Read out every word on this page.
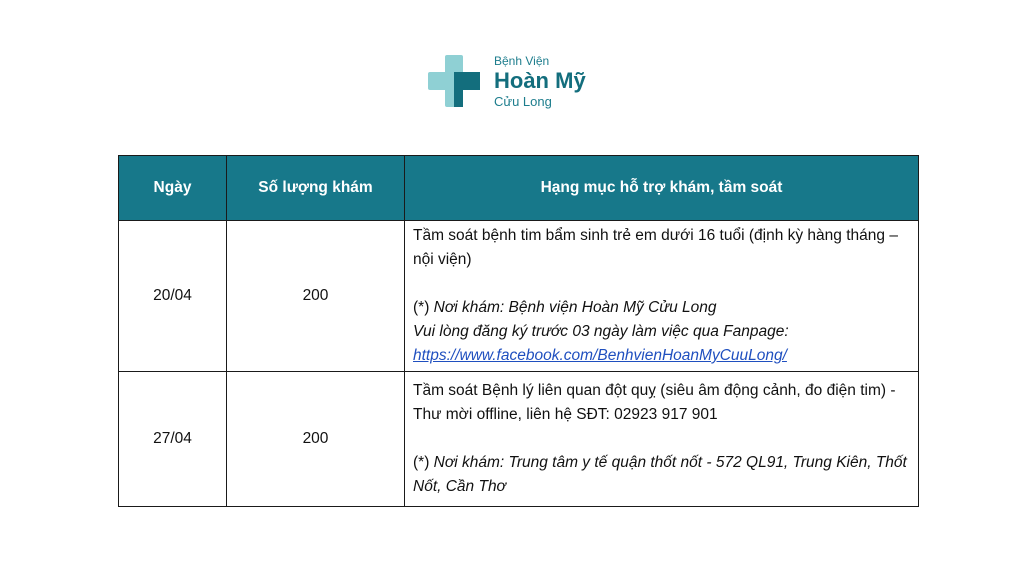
Bệnh Viện
Hoàn Mỹ
Cửu Long
Ngày	Số lượng khám	Hạng mục hỗ trợ khám, tầm soát
20/04	200	Tầm soát bệnh tim bẩm sinh trẻ em dưới 16 tuổi (định kỳ hàng tháng – nội viện)
(*) Nơi khám: Bệnh viện Hoàn Mỹ Cửu Long
Vui lòng đăng ký trước 03 ngày làm việc qua Fanpage:
https://www.facebook.com/BenhvienHoanMyCuuLong/
27/04	200	Tầm soát Bệnh lý liên quan đột quỵ (siêu âm động cảnh, đo điện tim) - Thư mời offline, liên hệ SĐT: 02923 917 901
(*) Nơi khám: Trung tâm y tế quận thốt nốt - 572 QL91, Trung Kiên, Thốt Nốt, Cần Thơ
